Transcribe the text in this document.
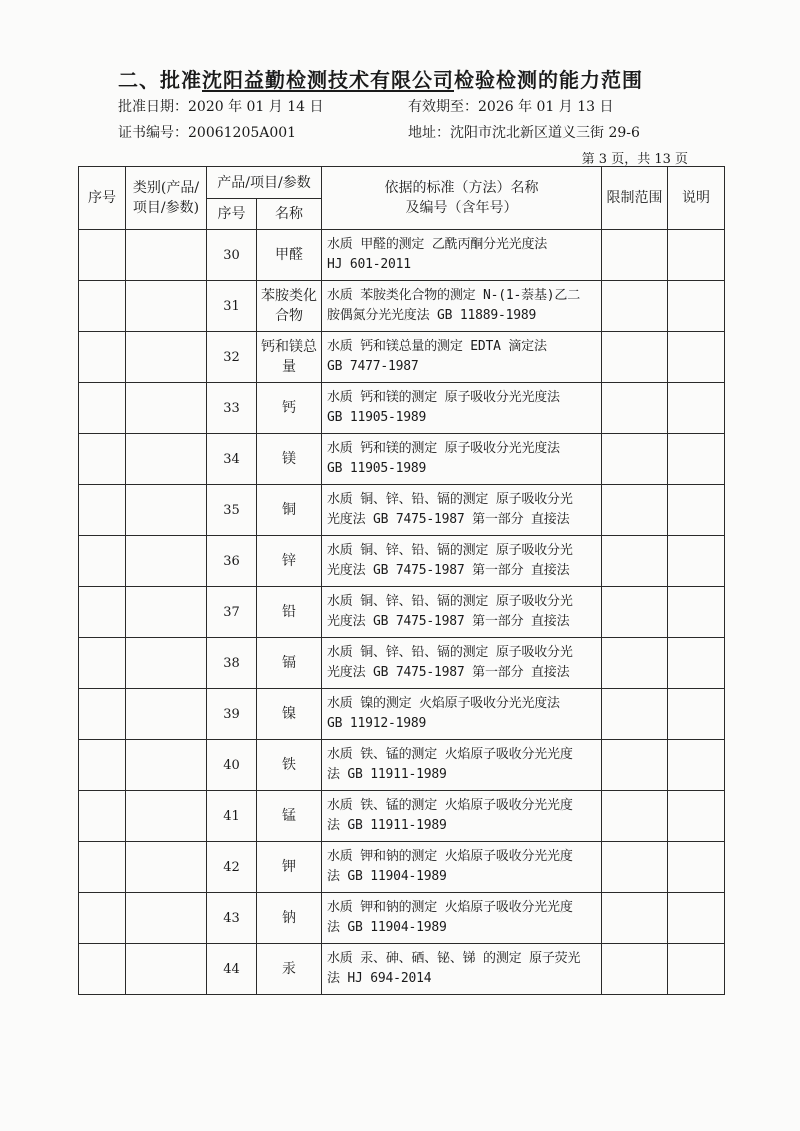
二、批准沈阳益勤检测技术有限公司检验检测的能力范围
批准日期：2020 年 01 月 14 日	有效期至：2026 年 01 月 13 日
证书编号：20061205A001	地址：沈阳市沈北新区道义三街 29-6
第 3 页，共 13 页
序号	类别(产品/项目/参数)	产品/项目/参数		依据的标准（方法）名称
及编号（含年号）	限制范围	说明
		序号	名称			
		30	甲醛	水质 甲醛的测定 乙酰丙酮分光光度法
HJ 601-2011		
		31	苯胺类化
合物	水质 苯胺类化合物的测定 N-(1-萘基)乙二
胺偶氮分光光度法 GB 11889-1989		
		32	钙和镁总
量	水质 钙和镁总量的测定 EDTA 滴定法
GB 7477-1987		
		33	钙	水质 钙和镁的测定 原子吸收分光光度法
GB 11905-1989		
		34	镁	水质 钙和镁的测定 原子吸收分光光度法
GB 11905-1989		
		35	铜	水质 铜、锌、铅、镉的测定 原子吸收分光
光度法 GB 7475-1987 第一部分 直接法		
		36	锌	水质 铜、锌、铅、镉的测定 原子吸收分光
光度法 GB 7475-1987 第一部分 直接法		
		37	铅	水质 铜、锌、铅、镉的测定 原子吸收分光
光度法 GB 7475-1987 第一部分 直接法		
		38	镉	水质 铜、锌、铅、镉的测定 原子吸收分光
光度法 GB 7475-1987 第一部分 直接法		
		39	镍	水质 镍的测定 火焰原子吸收分光光度法
GB 11912-1989		
		40	铁	水质 铁、锰的测定 火焰原子吸收分光光度
法 GB 11911-1989		
		41	锰	水质 铁、锰的测定 火焰原子吸收分光光度
法 GB 11911-1989		
		42	钾	水质 钾和钠的测定 火焰原子吸收分光光度
法 GB 11904-1989		
		43	钠	水质 钾和钠的测定 火焰原子吸收分光光度
法 GB 11904-1989		
		44	汞	水质 汞、砷、硒、铋、锑 的测定 原子荧光
法 HJ 694-2014		
